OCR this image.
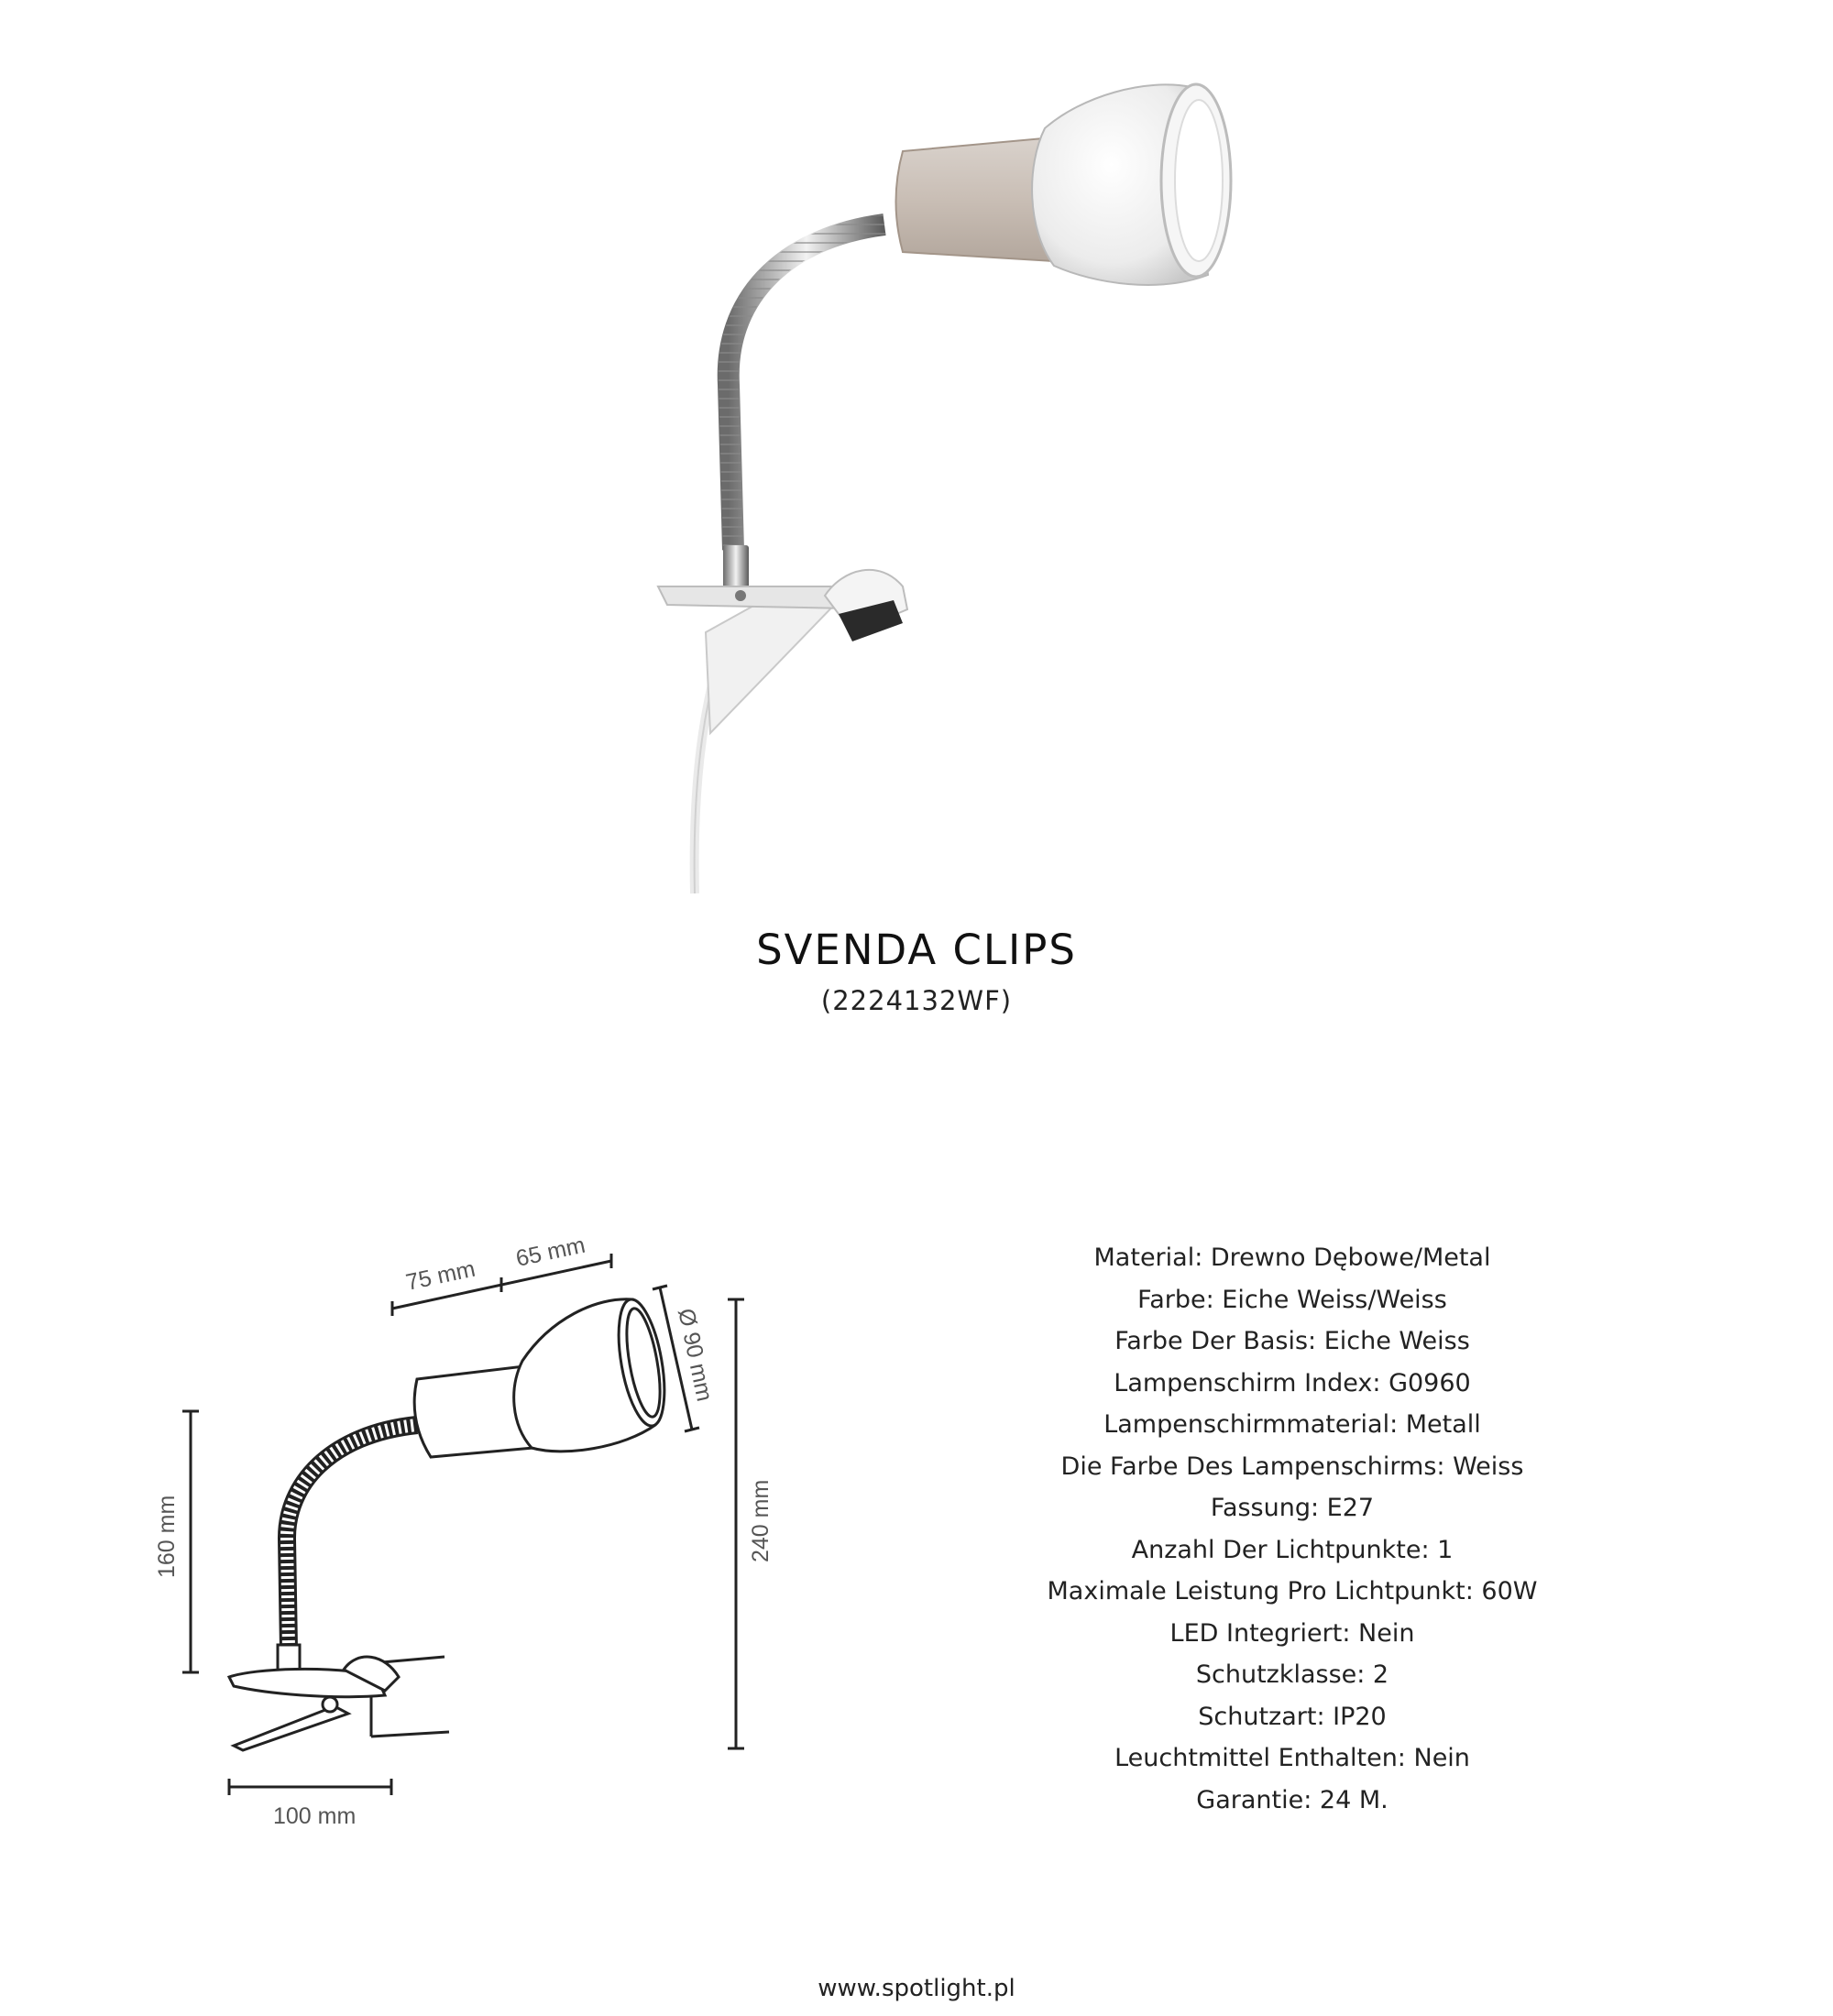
SVENDA CLIPS
(2224132WF)
75 mm
65 mm
Ø 90 mm
160 mm	240 mm
100 mm
Material: Drewno Dębowe/Metal
Farbe: Eiche Weiss/Weiss
Farbe Der Basis: Eiche Weiss
Lampenschirm Index: G0960
Lampenschirmmaterial: Metall
Die Farbe Des Lampenschirms: Weiss
Fassung: E27
Anzahl Der Lichtpunkte: 1
Maximale Leistung Pro Lichtpunkt: 60W
LED Integriert: Nein
Schutzklasse: 2
Schutzart: IP20
Leuchtmittel Enthalten: Nein
Garantie: 24 M.
www.spotlight.pl
